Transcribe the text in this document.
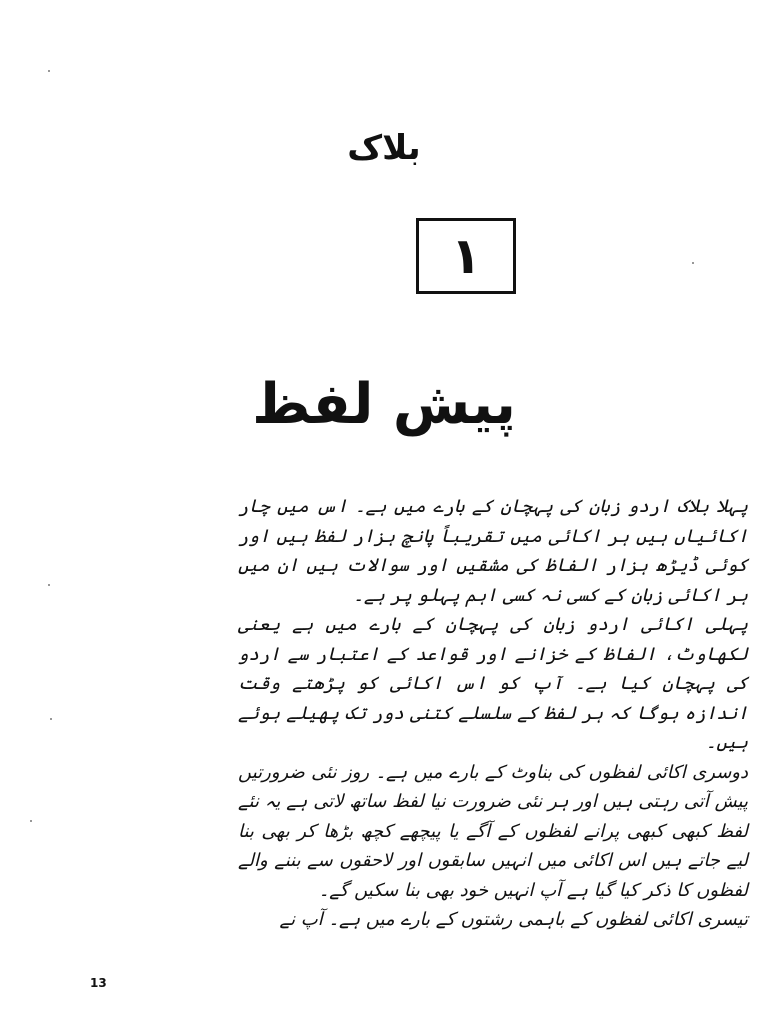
بلاک
۱
پیش لفظ

پہلا بلاک اردو زبان کی پہچان کے بارے میں ہے۔ اس میں چار اکائیاں ہیں ہر اکائی میں تقریباً پانچ ہزار لفظ ہیں اور کوئی ڈیڑھ ہزار الفاظ کی مشقیں اور سوالات ہیں ان میں ہر اکائی زبان کے کسی نہ کسی اہم پہلو پر ہے۔

پہلی اکائی اردو زبان کی پہچان کے بارے میں ہے یعنی لکھاوٹ، الفاظ کے خزانے اور قواعد کے اعتبار سے اردو کی پہچان کیا ہے۔ آپ کو اس اکائی کو پڑھتے وقت اندازہ ہوگا کہ ہر لفظ کے سلسلے کتنی دور تک پھیلے ہوئے ہیں۔

دوسری اکائی لفظوں کی بناوٹ کے بارے میں ہے۔ روز نئی ضرورتیں پیش آتی رہتی ہیں اور ہر نئی ضرورت نیا لفظ ساتھ لاتی ہے یہ نئے لفظ کبھی کبھی پرانے لفظوں کے آگے یا پیچھے کچھ بڑھا کر بھی بنا لیے جاتے ہیں اس اکائی میں انہیں سابقوں اور لاحقوں سے بننے والے لفظوں کا ذکر کیا گیا ہے آپ انہیں خود بھی بنا سکیں گے۔

تیسری اکائی لفظوں کے باہمی رشتوں کے بارے میں ہے۔ آپ نے

13
